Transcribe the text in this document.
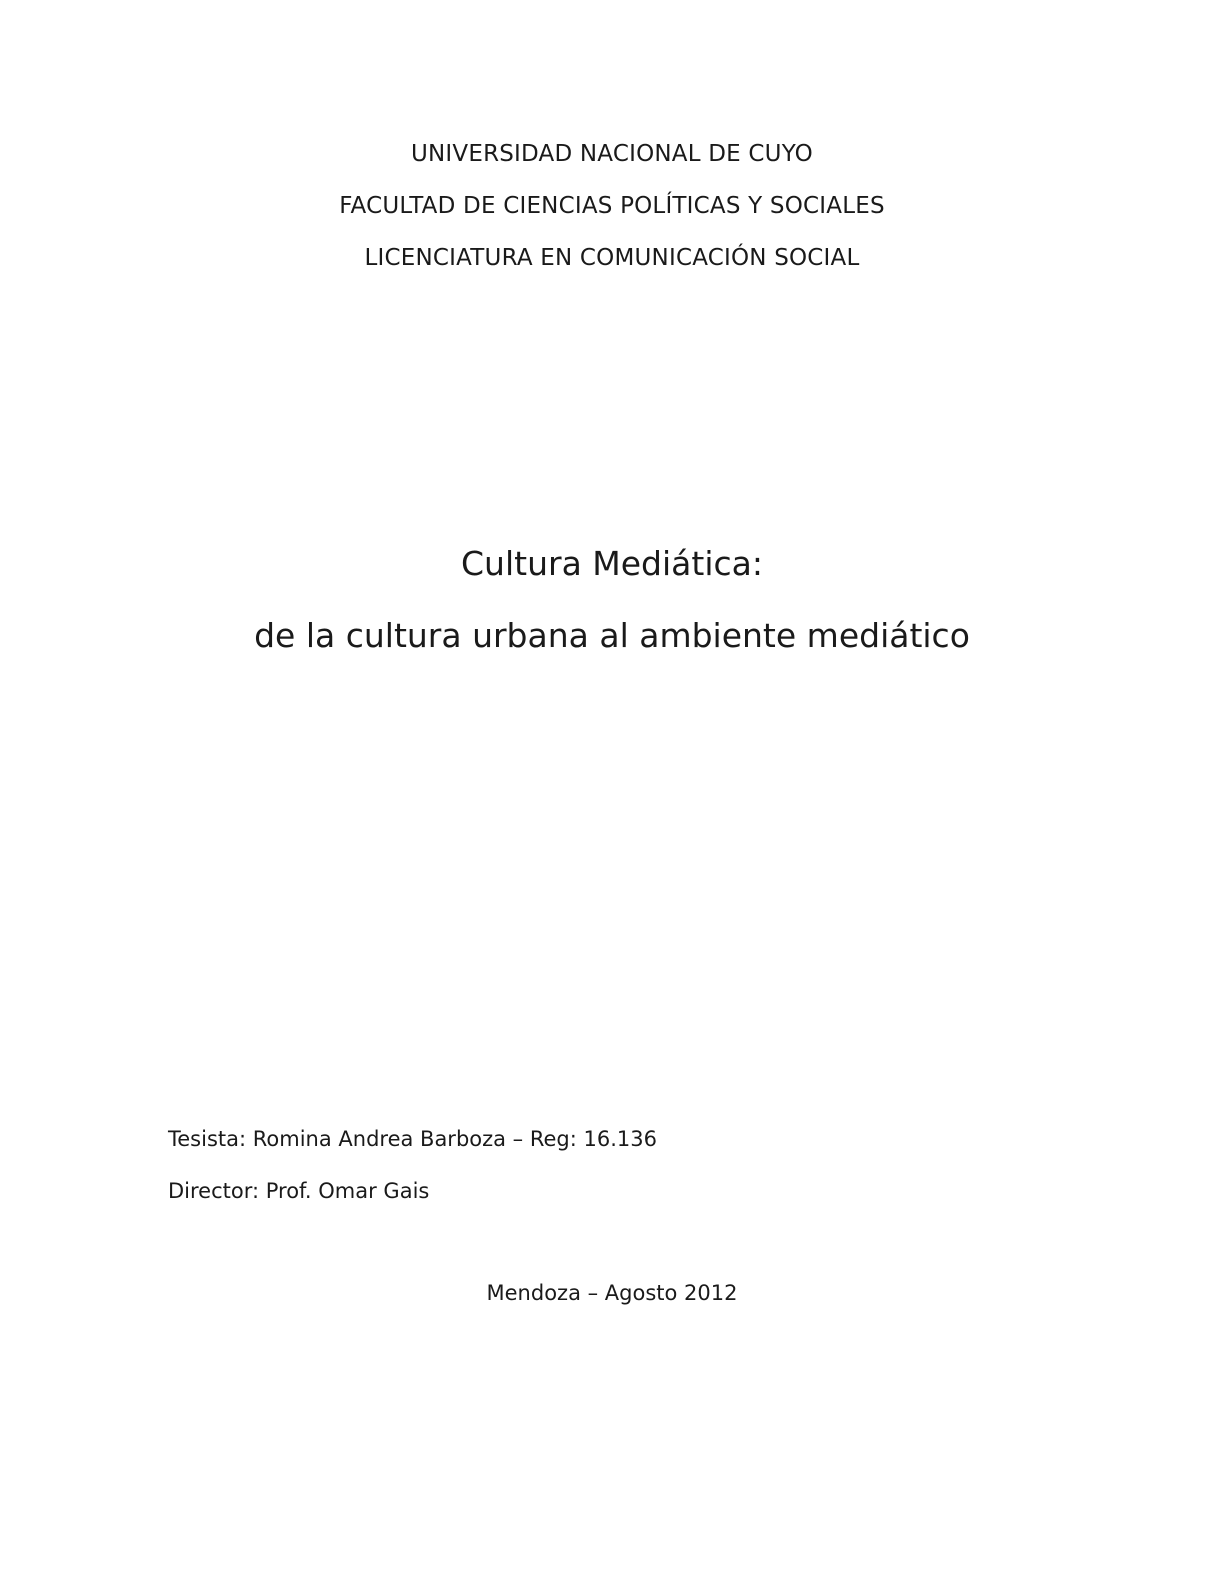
UNIVERSIDAD NACIONAL DE CUYO
FACULTAD DE CIENCIAS POLÍTICAS Y SOCIALES
LICENCIATURA EN COMUNICACIÓN SOCIAL
Cultura Mediática:
de la cultura urbana al ambiente mediático
Tesista: Romina Andrea Barboza – Reg: 16.136
Director: Prof. Omar Gais
Mendoza – Agosto 2012
